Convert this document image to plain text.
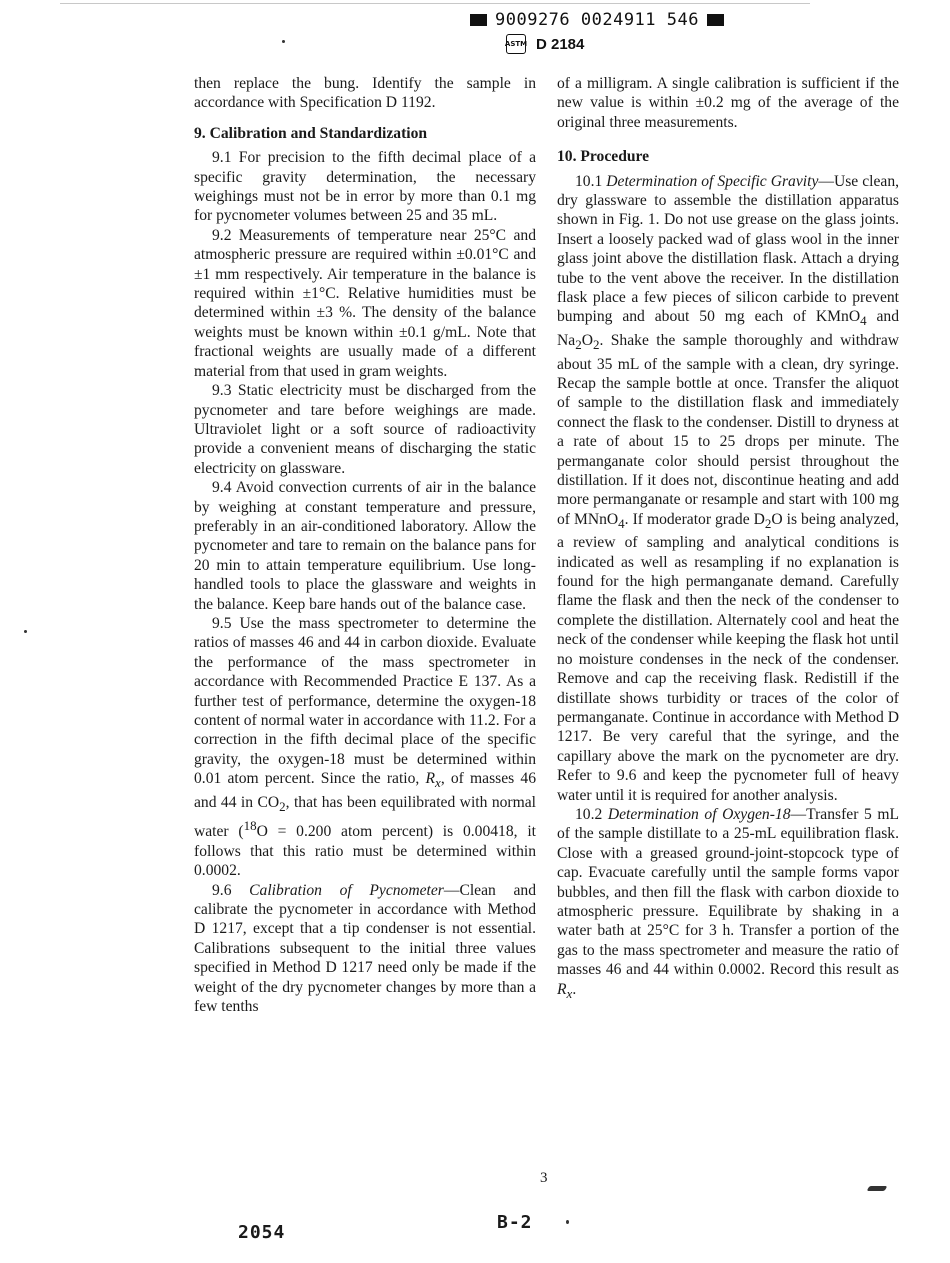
9009276 0024911 546
ASTM D 2184

then replace the bung. Identify the sample in accordance with Specification D 1192.

9. Calibration and Standardization

9.1 For precision to the fifth decimal place of a specific gravity determination, the necessary weighings must not be in error by more than 0.1 mg for pycnometer volumes between 25 and 35 mL.

9.2 Measurements of temperature near 25°C and atmospheric pressure are required within ±0.01°C and ±1 mm respectively. Air temperature in the balance is required within ±1°C. Relative humidities must be determined within ±3 %. The density of the balance weights must be known within ±0.1 g/mL. Note that fractional weights are usually made of a different material from that used in gram weights.

9.3 Static electricity must be discharged from the pycnometer and tare before weighings are made. Ultraviolet light or a soft source of radioactivity provide a convenient means of discharging the static electricity on glassware.

9.4 Avoid convection currents of air in the balance by weighing at constant temperature and pressure, preferably in an air-conditioned laboratory. Allow the pycnometer and tare to remain on the balance pans for 20 min to attain temperature equilibrium. Use long-handled tools to place the glassware and weights in the balance. Keep bare hands out of the balance case.

9.5 Use the mass spectrometer to determine the ratios of masses 46 and 44 in carbon dioxide. Evaluate the performance of the mass spectrometer in accordance with Recommended Practice E 137. As a further test of performance, determine the oxygen-18 content of normal water in accordance with 11.2. For a correction in the fifth decimal place of the specific gravity, the oxygen-18 must be determined within 0.01 atom percent. Since the ratio, $R_x$, of masses 46 and 44 in $CO_2$, that has been equilibrated with normal water ($^{18}$O = 0.200 atom percent) is 0.00418, it follows that this ratio must be determined within 0.0002.

9.6 Calibration of Pycnometer—Clean and calibrate the pycnometer in accordance with Method D 1217, except that a tip condenser is not essential. Calibrations subsequent to the initial three values specified in Method D 1217 need only be made if the weight of the dry pycnometer changes by more than a few tenths

of a milligram. A single calibration is sufficient if the new value is within ±0.2 mg of the average of the original three measurements.

10. Procedure

10.1 Determination of Specific Gravity—Use clean, dry glassware to assemble the distillation apparatus shown in Fig. 1. Do not use grease on the glass joints. Insert a loosely packed wad of glass wool in the inner glass joint above the distillation flask. Attach a drying tube to the vent above the receiver. In the distillation flask place a few pieces of silicon carbide to prevent bumping and about 50 mg each of KMnO$_4$ and $Na_2O_2$. Shake the sample thoroughly and withdraw about 35 mL of the sample with a clean, dry syringe. Recap the sample bottle at once. Transfer the aliquot of sample to the distillation flask and immediately connect the flask to the condenser. Distill to dryness at a rate of about 15 to 25 drops per minute. The permanganate color should persist throughout the distillation. If it does not, discontinue heating and add more permanganate or resample and start with 100 mg of MNnO$_4$. If moderator grade $D_2O$ is being analyzed, a review of sampling and analytical conditions is indicated as well as resampling if no explanation is found for the high permanganate demand. Carefully flame the flask and then the neck of the condenser to complete the distillation. Alternately cool and heat the neck of the condenser while keeping the flask hot until no moisture condenses in the neck of the condenser. Remove and cap the receiving flask. Redistill if the distillate shows turbidity or traces of the color of permanganate. Continue in accordance with Method D 1217. Be very careful that the syringe, and the capillary above the mark on the pycnometer are dry. Refer to 9.6 and keep the pycnometer full of heavy water until it is required for another analysis.

10.2 Determination of Oxygen-18—Transfer 5 mL of the sample distillate to a 25-mL equilibration flask. Close with a greased ground-joint-stopcock type of cap. Evacuate carefully until the sample forms vapor bubbles, and then fill the flask with carbon dioxide to atmospheric pressure. Equilibrate by shaking in a water bath at 25°C for 3 h. Transfer a portion of the gas to the mass spectrometer and measure the ratio of masses 46 and 44 within 0.0002. Record this result as $R_x$.

3
2054	B-2
